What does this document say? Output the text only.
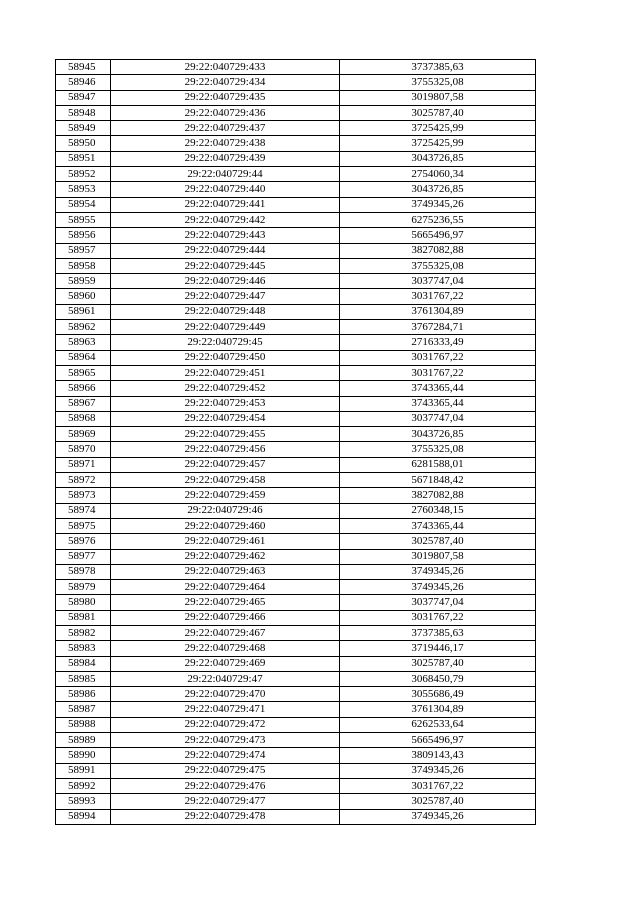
58945	29:22:040729:433	3737385,63
58946	29:22:040729:434	3755325,08
58947	29:22:040729:435	3019807,58
58948	29:22:040729:436	3025787,40
58949	29:22:040729:437	3725425,99
58950	29:22:040729:438	3725425,99
58951	29:22:040729:439	3043726,85
58952	29:22:040729:44	2754060,34
58953	29:22:040729:440	3043726,85
58954	29:22:040729:441	3749345,26
58955	29:22:040729:442	6275236,55
58956	29:22:040729:443	5665496,97
58957	29:22:040729:444	3827082,88
58958	29:22:040729:445	3755325,08
58959	29:22:040729:446	3037747,04
58960	29:22:040729:447	3031767,22
58961	29:22:040729:448	3761304,89
58962	29:22:040729:449	3767284,71
58963	29:22:040729:45	2716333,49
58964	29:22:040729:450	3031767,22
58965	29:22:040729:451	3031767,22
58966	29:22:040729:452	3743365,44
58967	29:22:040729:453	3743365,44
58968	29:22:040729:454	3037747,04
58969	29:22:040729:455	3043726,85
58970	29:22:040729:456	3755325,08
58971	29:22:040729:457	6281588,01
58972	29:22:040729:458	5671848,42
58973	29:22:040729:459	3827082,88
58974	29:22:040729:46	2760348,15
58975	29:22:040729:460	3743365,44
58976	29:22:040729:461	3025787,40
58977	29:22:040729:462	3019807,58
58978	29:22:040729:463	3749345,26
58979	29:22:040729:464	3749345,26
58980	29:22:040729:465	3037747,04
58981	29:22:040729:466	3031767,22
58982	29:22:040729:467	3737385,63
58983	29:22:040729:468	3719446,17
58984	29:22:040729:469	3025787,40
58985	29:22:040729:47	3068450,79
58986	29:22:040729:470	3055686,49
58987	29:22:040729:471	3761304,89
58988	29:22:040729:472	6262533,64
58989	29:22:040729:473	5665496,97
58990	29:22:040729:474	3809143,43
58991	29:22:040729:475	3749345,26
58992	29:22:040729:476	3031767,22
58993	29:22:040729:477	3025787,40
58994	29:22:040729:478	3749345,26
